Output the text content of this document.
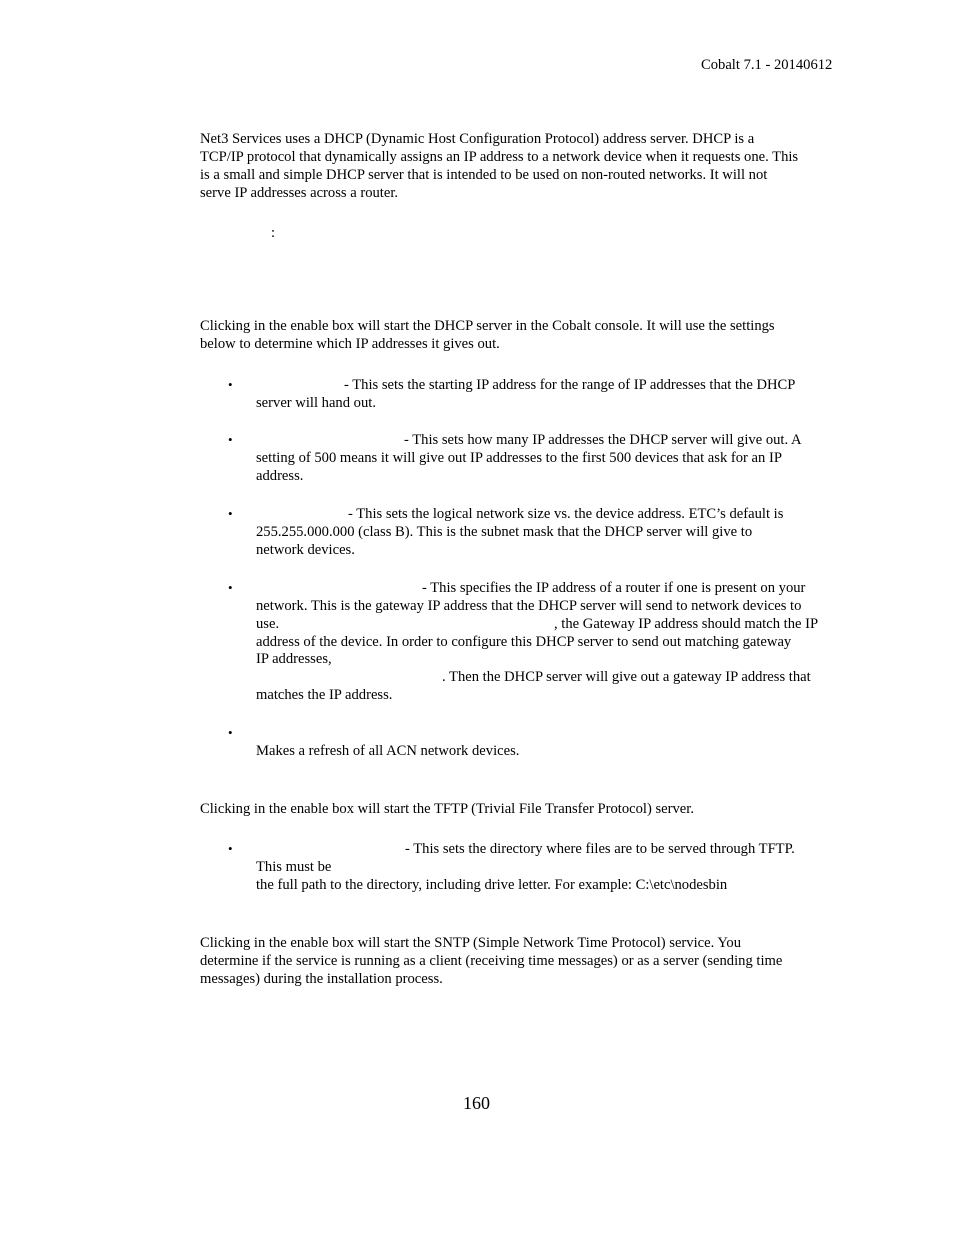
Cobalt 7.1 - 20140612
Net3 Services uses a DHCP (Dynamic Host Configuration Protocol) address server. DHCP is a
TCP/IP protocol that dynamically assigns an IP address to a network device when it requests one. This
is a small and simple DHCP server that is intended to be used on non-routed networks. It will not
serve IP addresses across a router.
:
Clicking in the enable box will start the DHCP server in the Cobalt console. It will use the settings
below to determine which IP addresses it gives out.
•	- This sets the starting IP address for the range of IP addresses that the DHCP
server will hand out.
•	- This sets how many IP addresses the DHCP server will give out. A
setting of 500 means it will give out IP addresses to the first 500 devices that ask for an IP
address.
•	- This sets the logical network size vs. the device address. ETC’s default is
255.255.000.000 (class B). This is the subnet mask that the DHCP server will give to
network devices.
•	- This specifies the IP address of a router if one is present on your
network. This is the gateway IP address that the DHCP server will send to network devices to
use.	, the Gateway IP address should match the IP
address of the device. In order to configure this DHCP server to send out matching gateway
IP addresses,
. Then the DHCP server will give out a gateway IP address that
matches the IP address.
•
Makes a refresh of all ACN network devices.
Clicking in the enable box will start the TFTP (Trivial File Transfer Protocol) server.
•	- This sets the directory where files are to be served through TFTP.
This must be
the full path to the directory, including drive letter. For example: C:\etc\nodesbin
Clicking in the enable box will start the SNTP (Simple Network Time Protocol) service. You
determine if the service is running as a client (receiving time messages) or as a server (sending time
messages) during the installation process.
160
